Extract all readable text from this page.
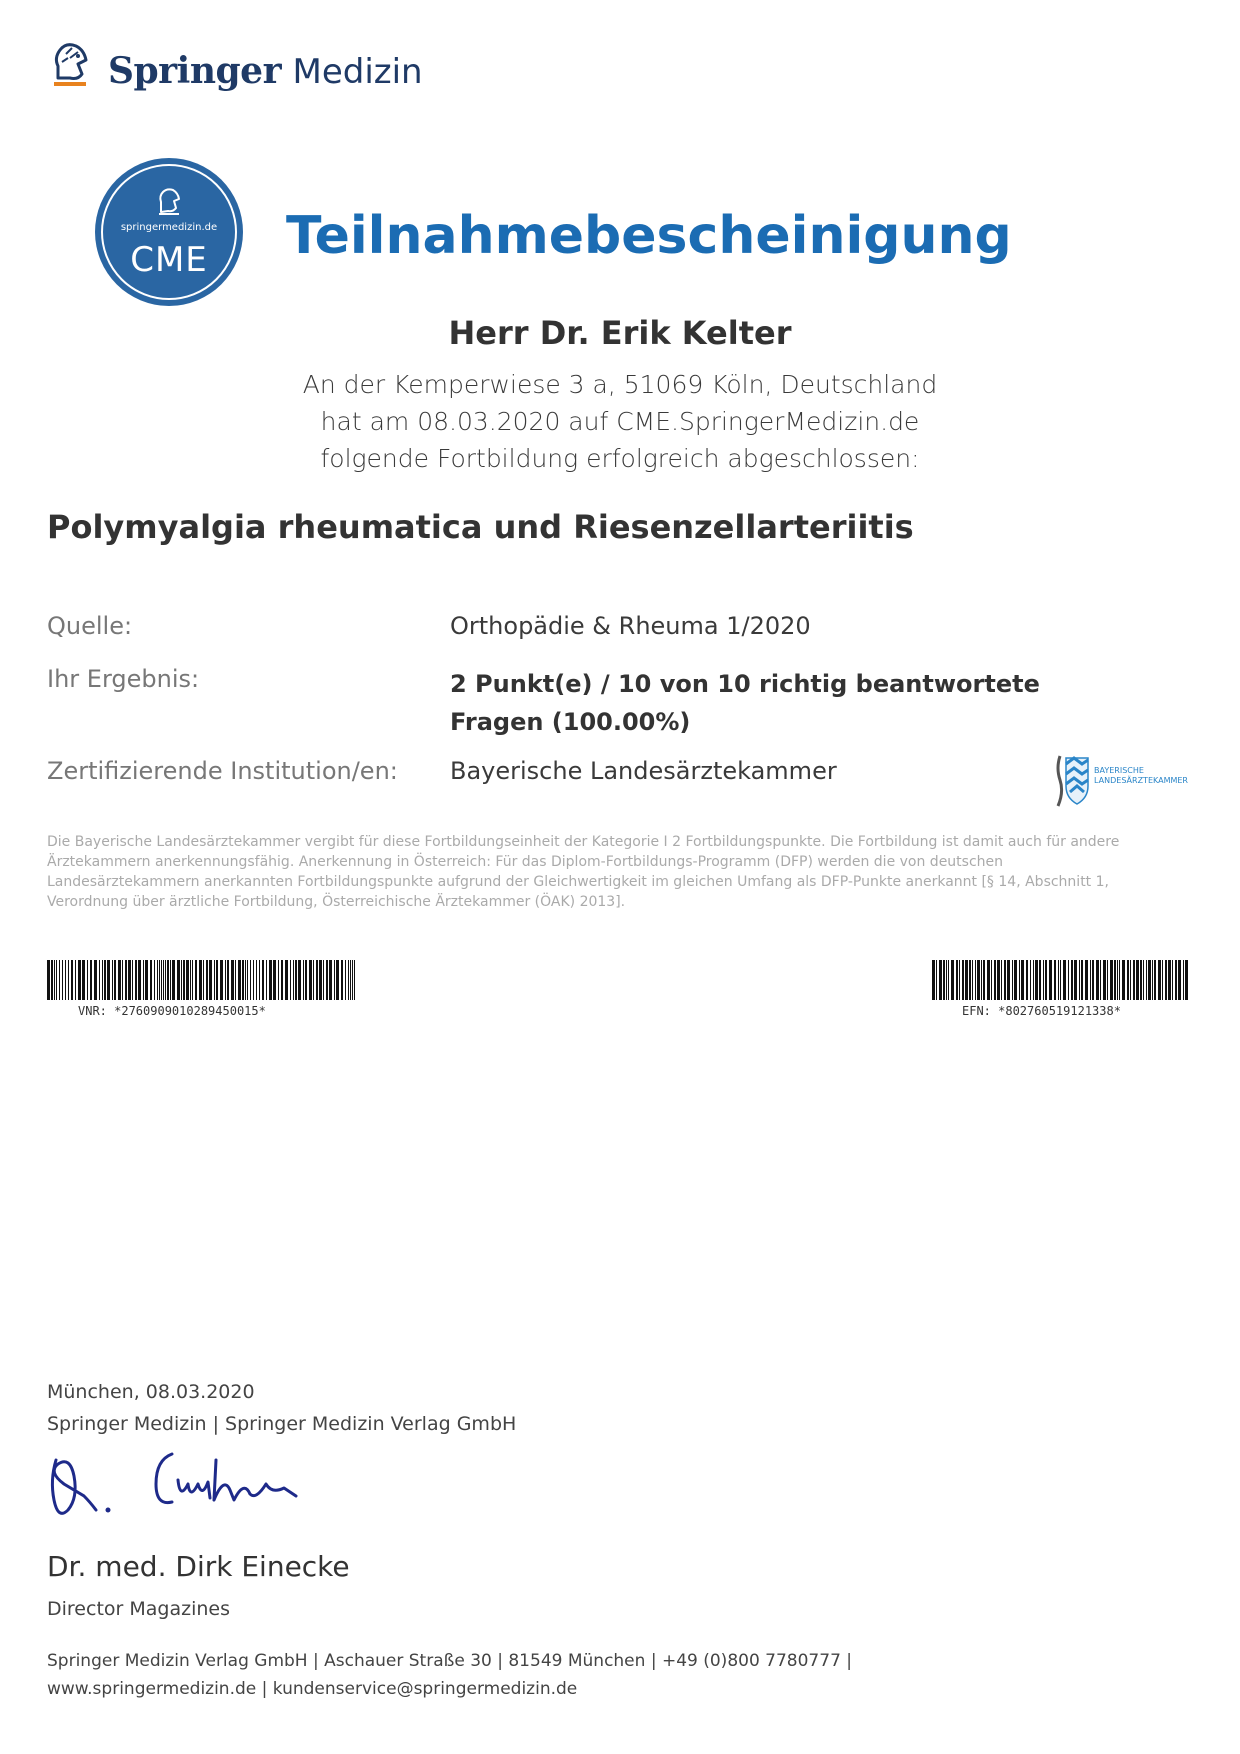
Springer Medizin
springermedizin.de
CME	Teilnahmebescheinigung
Herr Dr. Erik Kelter
An der Kemperwiese 3 a, 51069 Köln, Deutschland
hat am 08.03.2020 auf CME.SpringerMedizin.de
folgende Fortbildung erfolgreich abgeschlossen:
Polymyalgia rheumatica und Riesenzellarteriitis
Quelle:	Orthopädie & Rheuma 1/2020
Ihr Ergebnis:	2 Punkt(e) / 10 von 10 richtig beantwortete Fragen (100.00%)
Zertifizierende Institution/en: Bayerische Landesärztekammer	BAYERISCHE
LANDESÄRZTEKAMMER
Die Bayerische Landesärztekammer vergibt für diese Fortbildungseinheit der Kategorie I 2 Fortbildungspunkte. Die Fortbildung ist damit auch für andere Ärztekammern anerkennungsfähig. Anerkennung in Österreich: Für das Diplom-Fortbildungs-Programm (DFP) werden die von deutschen Landesärztekammern anerkannten Fortbildungspunkte aufgrund der Gleichwertigkeit im gleichen Umfang als DFP-Punkte anerkannt [§ 14, Abschnitt 1, Verordnung über ärztliche Fortbildung, Österreichische Ärztekammer (ÖAK) 2013].
VNR: *2760909010289450015*	EFN: *802760519121338*
München, 08.03.2020
Springer Medizin | Springer Medizin Verlag GmbH
Dr. med. Dirk Einecke
Director Magazines
Springer Medizin Verlag GmbH | Aschauer Straße 30 | 81549 München | +49 (0)800 7780777 | www.springermedizin.de | kundenservice@springermedizin.de
